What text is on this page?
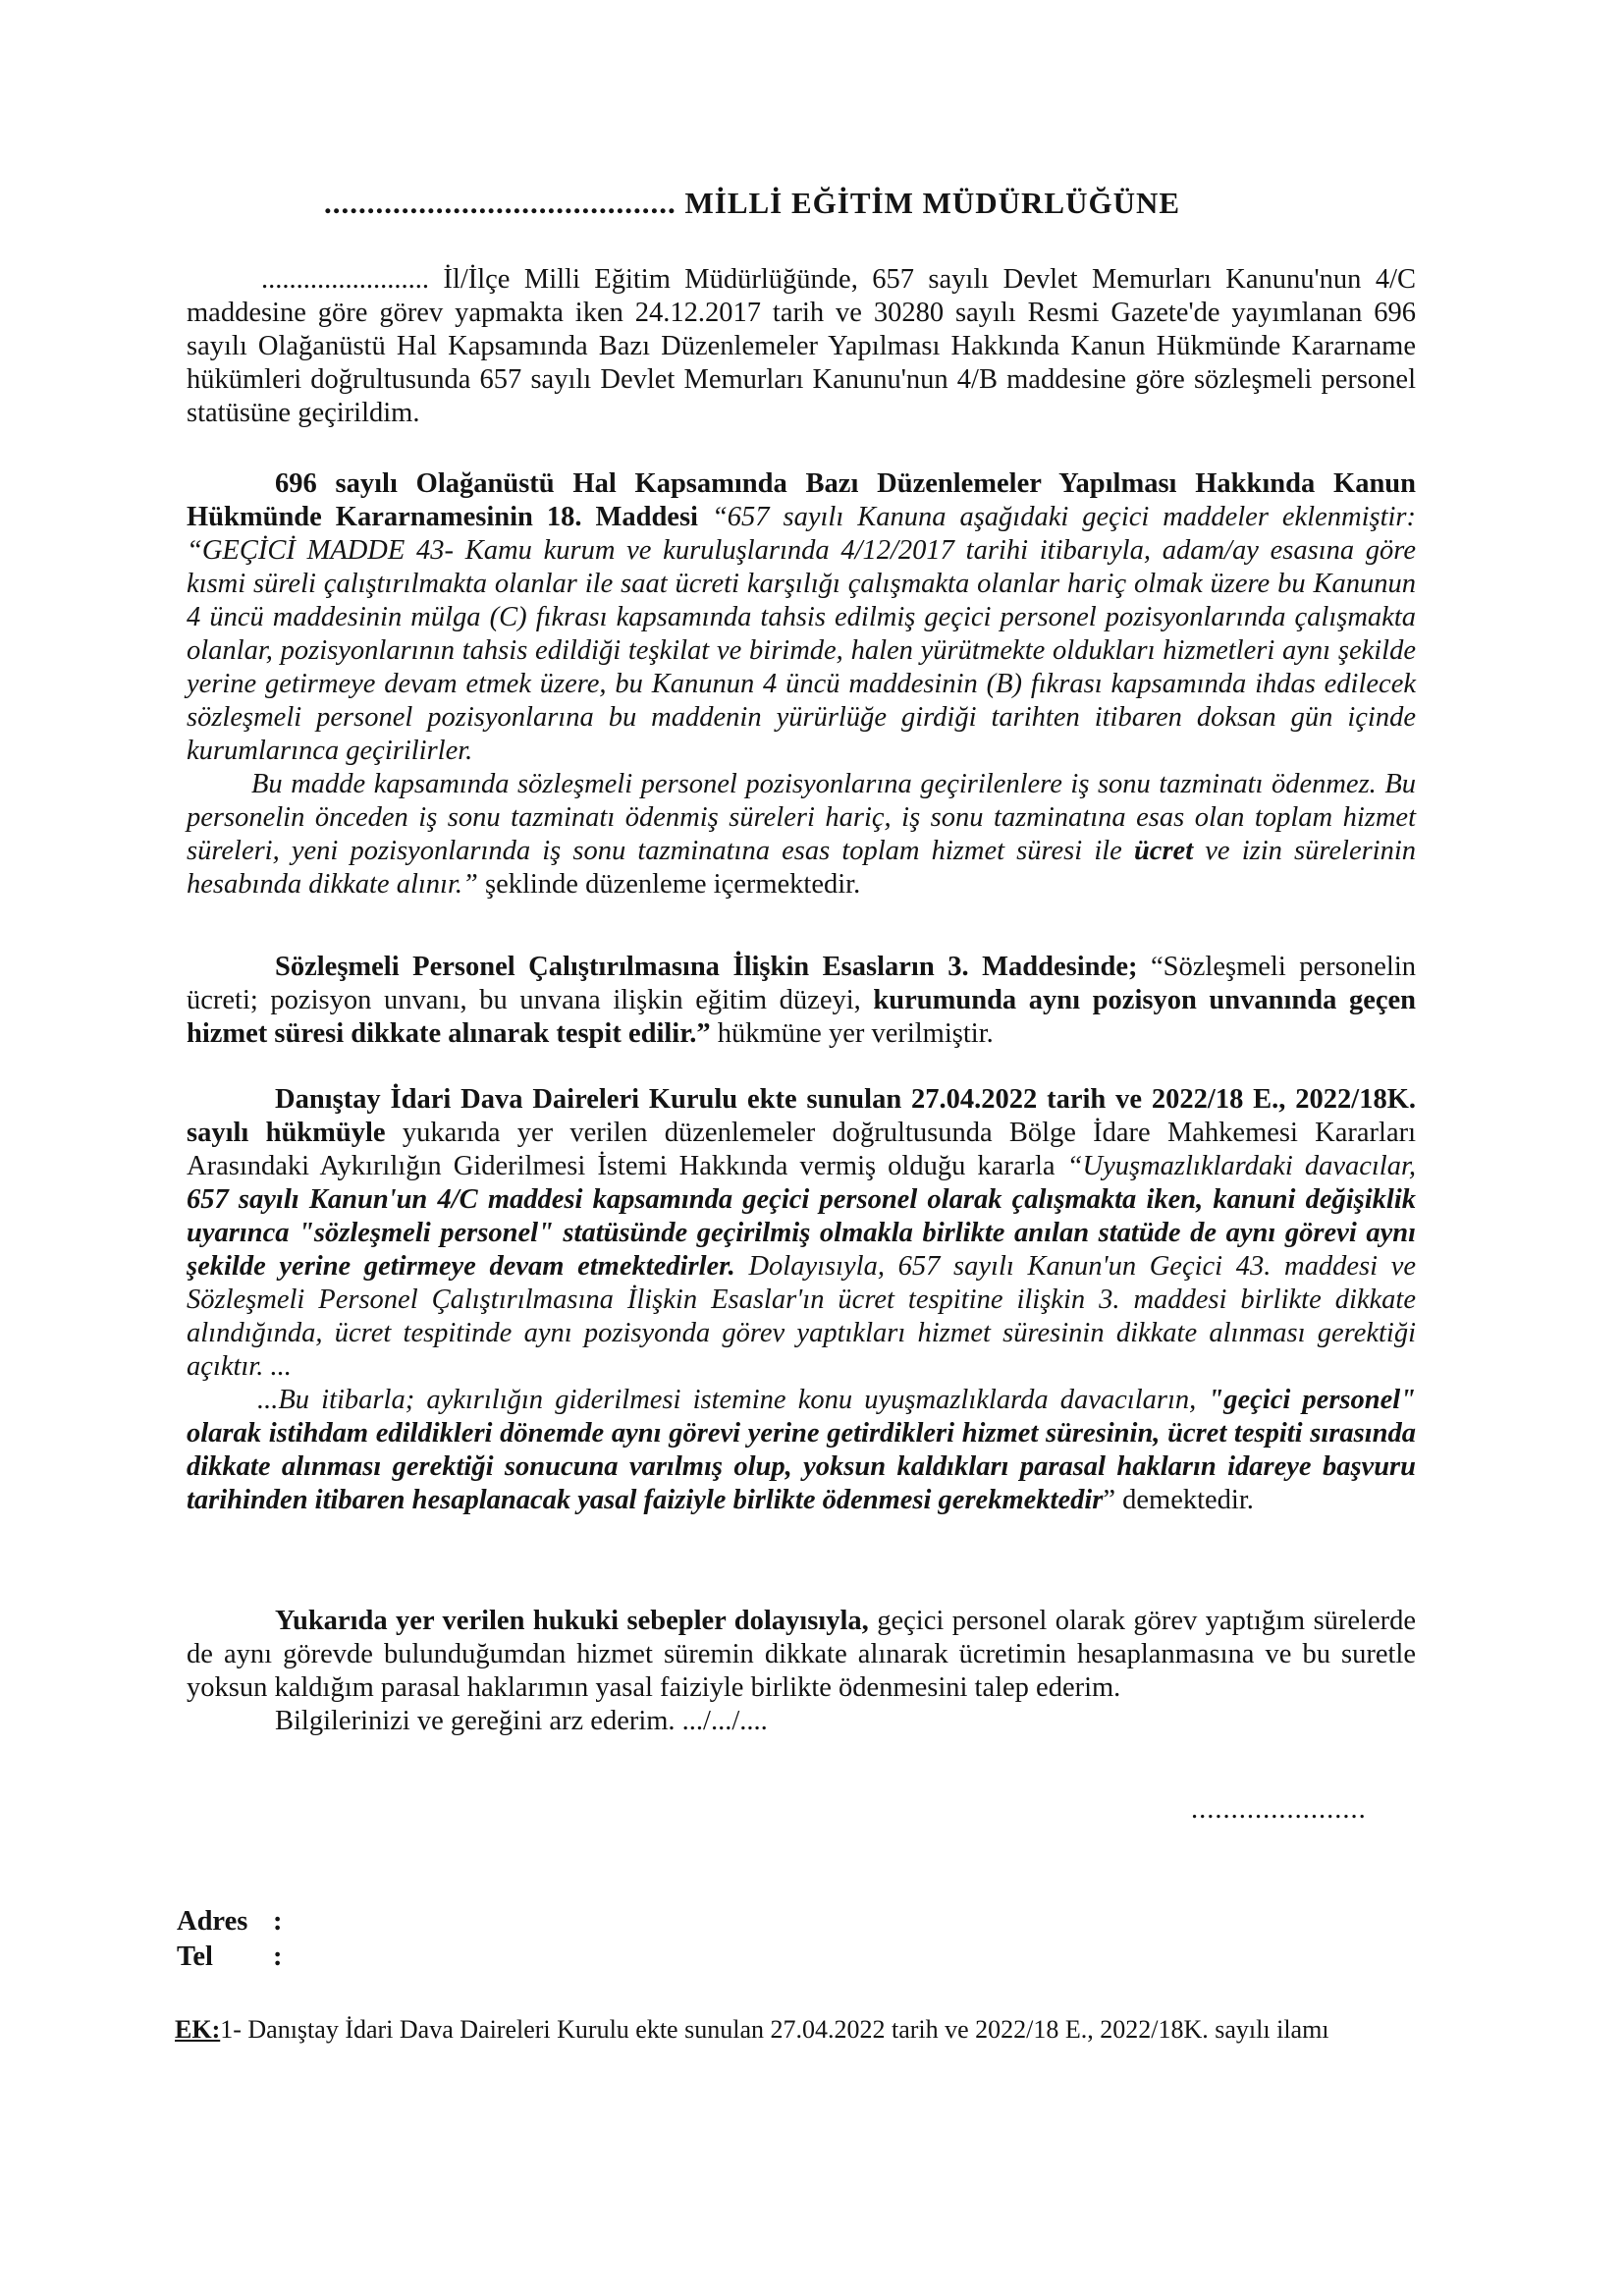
......................................... MİLLİ EĞİTİM MÜDÜRLÜĞÜNE
........................ İl/İlçe Milli Eğitim Müdürlüğünde, 657 sayılı Devlet Memurları Kanunu'nun 4/C maddesine göre görev yapmakta iken 24.12.2017 tarih ve 30280 sayılı Resmi Gazete'de yayımlanan 696 sayılı Olağanüstü Hal Kapsamında Bazı Düzenlemeler Yapılması Hakkında Kanun Hükmünde Kararname hükümleri doğrultusunda 657 sayılı Devlet Memurları Kanunu'nun 4/B maddesine göre sözleşmeli personel statüsüne geçirildim.
696 sayılı Olağanüstü Hal Kapsamında Bazı Düzenlemeler Yapılması Hakkında Kanun Hükmünde Kararnamesinin 18. Maddesi “657 sayılı Kanuna aşağıdaki geçici maddeler eklenmiştir: “GEÇİCİ MADDE 43- Kamu kurum ve kuruluşlarında 4/12/2017 tarihi itibarıyla, adam/ay esasına göre kısmi süreli çalıştırılmakta olanlar ile saat ücreti karşılığı çalışmakta olanlar hariç olmak üzere bu Kanunun 4 üncü maddesinin mülga (C) fıkrası kapsamında tahsis edilmiş geçici personel pozisyonlarında çalışmakta olanlar, pozisyonlarının tahsis edildiği teşkilat ve birimde, halen yürütmekte oldukları hizmetleri aynı şekilde yerine getirmeye devam etmek üzere, bu Kanunun 4 üncü maddesinin (B) fıkrası kapsamında ihdas edilecek sözleşmeli personel pozisyonlarına bu maddenin yürürlüğe girdiği tarihten itibaren doksan gün içinde kurumlarınca geçirilirler.
Bu madde kapsamında sözleşmeli personel pozisyonlarına geçirilenlere iş sonu tazminatı ödenmez. Bu personelin önceden iş sonu tazminatı ödenmiş süreleri hariç, iş sonu tazminatına esas olan toplam hizmet süreleri, yeni pozisyonlarında iş sonu tazminatına esas toplam hizmet süresi ile ücret ve izin sürelerinin hesabında dikkate alınır.” şeklinde düzenleme içermektedir.
Sözleşmeli Personel Çalıştırılmasına İlişkin Esasların 3. Maddesinde; “Sözleşmeli personelin ücreti; pozisyon unvanı, bu unvana ilişkin eğitim düzeyi, kurumunda aynı pozisyon unvanında geçen hizmet süresi dikkate alınarak tespit edilir.” hükmüne yer verilmiştir.
Danıştay İdari Dava Daireleri Kurulu ekte sunulan 27.04.2022 tarih ve 2022/18 E., 2022/18K. sayılı hükmüyle yukarıda yer verilen düzenlemeler doğrultusunda Bölge İdare Mahkemesi Kararları Arasındaki Aykırılığın Giderilmesi İstemi Hakkında vermiş olduğu kararla “Uyuşmazlıklardaki davacılar, 657 sayılı Kanun'un 4/C maddesi kapsamında geçici personel olarak çalışmakta iken, kanuni değişiklik uyarınca "sözleşmeli personel" statüsünde geçirilmiş olmakla birlikte anılan statüde de aynı görevi aynı şekilde yerine getirmeye devam etmektedirler. Dolayısıyla, 657 sayılı Kanun'un Geçici 43. maddesi ve Sözleşmeli Personel Çalıştırılmasına İlişkin Esaslar'ın ücret tespitine ilişkin 3. maddesi birlikte dikkate alındığında, ücret tespitinde aynı pozisyonda görev yaptıkları hizmet süresinin dikkate alınması gerektiği açıktır. ...
...Bu itibarla; aykırılığın giderilmesi istemine konu uyuşmazlıklarda davacıların, "geçici personel" olarak istihdam edildikleri dönemde aynı görevi yerine getirdikleri hizmet süresinin, ücret tespiti sırasında dikkate alınması gerektiği sonucuna varılmış olup, yoksun kaldıkları parasal hakların idareye başvuru tarihinden itibaren hesaplanacak yasal faiziyle birlikte ödenmesi gerekmektedir” demektedir.
Yukarıda yer verilen hukuki sebepler dolayısıyla, geçici personel olarak görev yaptığım sürelerde de aynı görevde bulunduğumdan hizmet süremin dikkate alınarak ücretimin hesaplanmasına ve bu suretle yoksun kaldığım parasal haklarımın yasal faiziyle birlikte ödenmesini talep ederim.
Bilgilerinizi ve gereğini arz ederim. .../.../....
......................
Adres :
Tel :
EK:1- Danıştay İdari Dava Daireleri Kurulu ekte sunulan 27.04.2022 tarih ve 2022/18 E., 2022/18K. sayılı ilamı
